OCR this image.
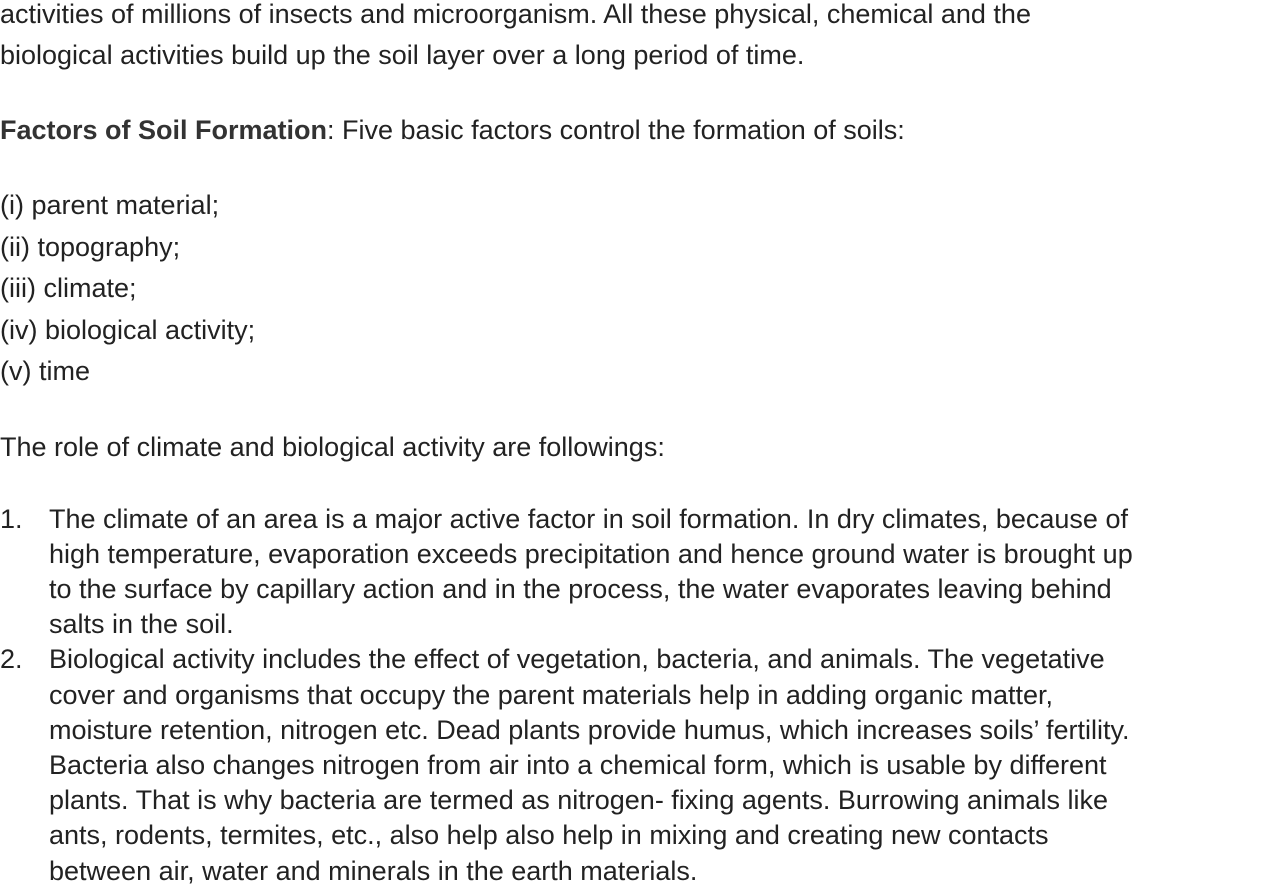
activities of millions of insects and microorganism. All these physical, chemical and the
biological activities build up the soil layer over a long period of time.

Factors of Soil Formation: Five basic factors control the formation of soils:

(i) parent material;
(ii) topography;
(iii) climate;
(iv) biological activity;
(v) time

The role of climate and biological activity are followings:

1. The climate of an area is a major active factor in soil formation. In dry climates, because of
high temperature, evaporation exceeds precipitation and hence ground water is brought up
to the surface by capillary action and in the process, the water evaporates leaving behind
salts in the soil.
2. Biological activity includes the effect of vegetation, bacteria, and animals. The vegetative
cover and organisms that occupy the parent materials help in adding organic matter,
moisture retention, nitrogen etc. Dead plants provide humus, which increases soils’ fertility.
Bacteria also changes nitrogen from air into a chemical form, which is usable by different
plants. That is why bacteria are termed as nitrogen- fixing agents. Burrowing animals like
ants, rodents, termites, etc., also help also help in mixing and creating new contacts
between air, water and minerals in the earth materials.
